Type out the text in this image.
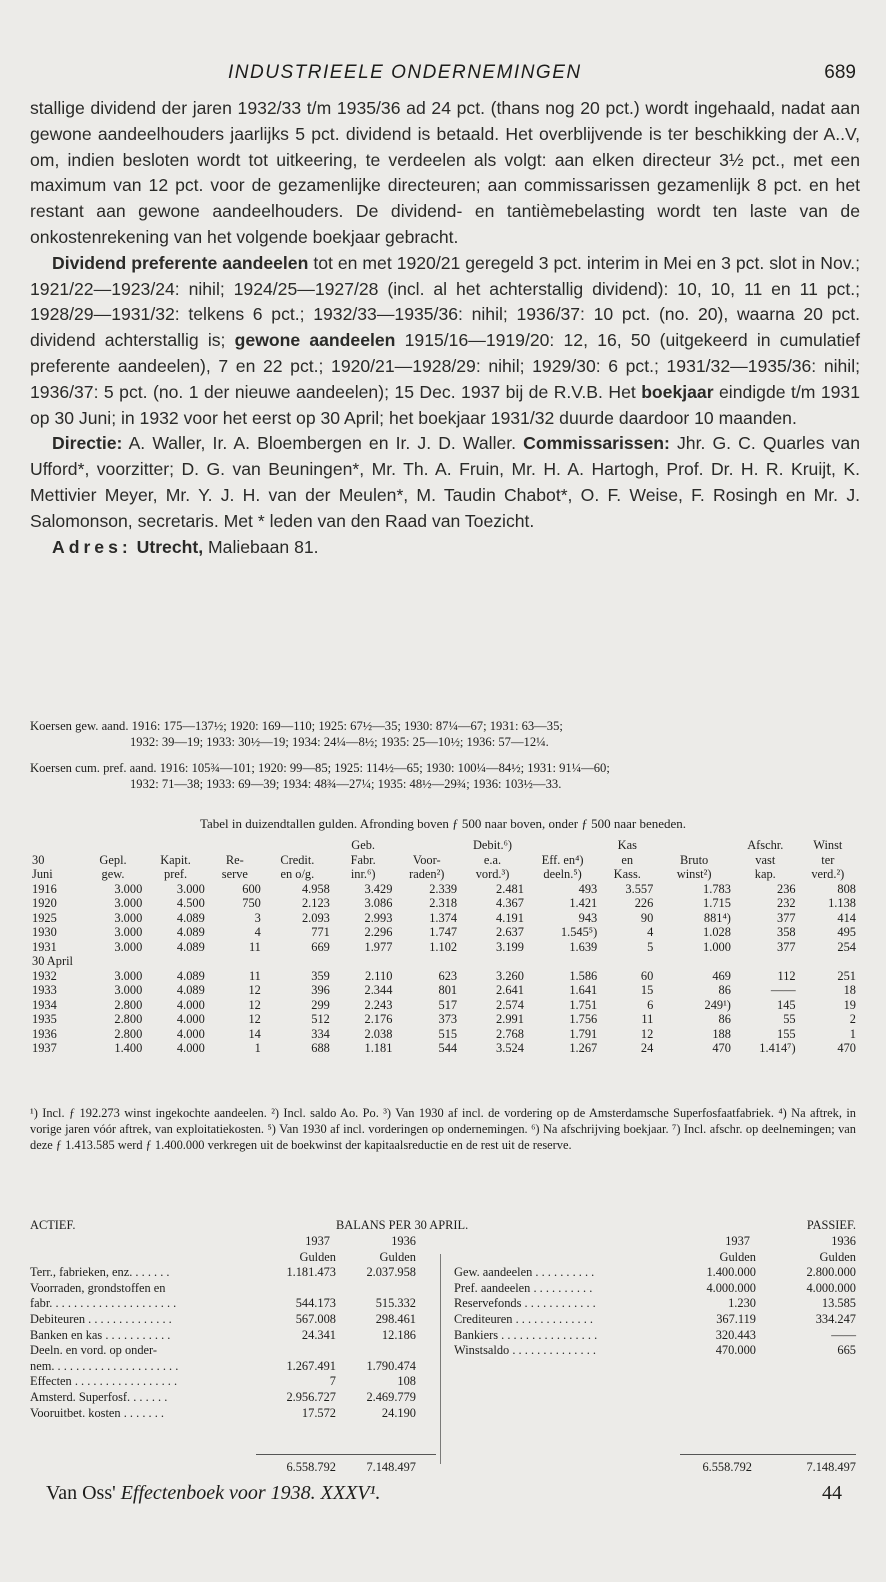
INDUSTRIEELE ONDERNEMINGEN	689

stallige dividend der jaren 1932/33 t/m 1935/36 ad 24 pct. (thans nog 20 pct.) wordt ingehaald, nadat aan gewone aandeelhouders jaarlijks 5 pct. dividend is betaald. Het overblijvende is ter beschikking der A..V, om, indien besloten wordt tot uitkeering, te verdeelen als volgt: aan elken directeur 3½ pct., met een maximum van 12 pct. voor de gezamenlijke directeuren; aan commissarissen gezamenlijk 8 pct. en het restant aan gewone aandeelhouders. De dividend- en tantièmebelasting wordt ten laste van de onkostenrekening van het volgende boekjaar gebracht.

Dividend preferente aandeelen tot en met 1920/21 geregeld 3 pct. interim in Mei en 3 pct. slot in Nov.; 1921/22—1923/24: nihil; 1924/25—1927/28 (incl. al het achterstallig dividend): 10, 10, 11 en 11 pct.; 1928/29—1931/32: telkens 6 pct.; 1932/33—1935/36: nihil; 1936/37: 10 pct. (no. 20), waarna 20 pct. dividend achterstallig is; gewone aandeelen 1915/16—1919/20: 12, 16, 50 (uitgekeerd in cumulatief preferente aandeelen), 7 en 22 pct.; 1920/21—1928/29: nihil; 1929/30: 6 pct.; 1931/32—1935/36: nihil; 1936/37: 5 pct. (no. 1 der nieuwe aandeelen); 15 Dec. 1937 bij de R.V.B. Het boekjaar eindigde t/m 1931 op 30 Juni; in 1932 voor het eerst op 30 April; het boekjaar 1931/32 duurde daardoor 10 maanden.

Directie: A. Waller, Ir. A. Bloembergen en Ir. J. D. Waller. Commissarissen: Jhr. G. C. Quarles van Ufford*, voorzitter; D. G. van Beuningen*, Mr. Th. A. Fruin, Mr. H. A. Hartogh, Prof. Dr. H. R. Kruijt, K. Mettivier Meyer, Mr. Y. J. H. van der Meulen*, M. Taudin Chabot*, O. F. Weise, F. Rosingh en Mr. J. Salomonson, secretaris. Met * leden van den Raad van Toezicht.

Adres: Utrecht, Maliebaan 81.

Koersen gew. aand. 1916: 175—137½; 1920: 169—110; 1925: 67½—35; 1930: 87¼—67; 1931: 63—35;
1932: 39—19; 1933: 30½—19; 1934: 24¼—8½; 1935: 25—10½; 1936: 57—12¼.

Koersen cum. pref. aand. 1916: 105¾—101; 1920: 99—85; 1925: 114½—65; 1930: 100¼—84½; 1931: 91¼—60;
1932: 71—38; 1933: 69—39; 1934: 48¾—27¼; 1935: 48½—29¾; 1936: 103½—33.

Tabel in duizendtallen gulden. Afronding boven ƒ 500 naar boven, onder ƒ 500 naar beneden.
					Geb.		Debit.⁶)		Kas		Afschr.	Winst
30	Gepl.	Kapit.	Re-	Credit.	Fabr.	Voor-	e.a.	Eff. en⁴)	en	Bruto	vast	ter
Juni	gew.	pref.	serve	en o/g.	inr.⁶)	raden²)	vord.³)	deeln.⁵)	Kass.	winst²)	kap.	verd.²)
1916	3.000	3.000	600	4.958	3.429	2.339	2.481	493	3.557	1.783	236	808
1920	3.000	4.500	750	2.123	3.086	2.318	4.367	1.421	226	1.715	232	1.138
1925	3.000	4.089	3	2.093	2.993	1.374	4.191	943	90	881⁴)	377	414
1930	3.000	4.089	4	771	2.296	1.747	2.637	1.545⁵)	4	1.028	358	495
1931	3.000	4.089	11	669	1.977	1.102	3.199	1.639	5	1.000	377	254
30 April												
1932	3.000	4.089	11	359	2.110	623	3.260	1.586	60	469	112	251
1933	3.000	4.089	12	396	2.344	801	2.641	1.641	15	86	——	18
1934	2.800	4.000	12	299	2.243	517	2.574	1.751	6	249¹)	145	19
1935	2.800	4.000	12	512	2.176	373	2.991	1.756	11	86	55	2
1936	2.800	4.000	14	334	2.038	515	2.768	1.791	12	188	155	1
1937	1.400	4.000	1	688	1.181	544	3.524	1.267	24	470	1.414⁷)	470
¹) Incl. ƒ 192.273 winst ingekochte aandeelen. ²) Incl. saldo Ao. Po. ³) Van 1930 af incl. de vordering op de Amsterdamsche Superfosfaatfabriek. ⁴) Na aftrek, in vorige jaren vóór aftrek, van exploitatiekosten. ⁵) Van 1930 af incl. vorderingen op ondernemingen. ⁶) Na afschrijving boekjaar. ⁷) Incl. afschr. op deelnemingen; van deze ƒ 1.413.585 werd ƒ 1.400.000 verkregen uit de boekwinst der kapitaalsreductie en de rest uit de reserve.
ACTIEF.	BALANS PER 30 APRIL.	PASSIEF.
1937	1936
Gulden	Gulden
Terr., fabrieken, enz. . . . . . .	1.181.473 2.037.958
Voorraden, grondstoffen en
fabr. . . . . . . . . . . . . . . . . . . . .	544.173	515.332
Debiteuren . . . . . . . . . . . . . .	567.008	298.461
Banken en kas . . . . . . . . . . .	24.341	12.186
Deeln. en vord. op onder-
nem. . . . . . . . . . . . . . . . . . . . .	1.267.491 1.790.474
Effecten . . . . . . . . . . . . . . . . .	7	108
Amsterd. Superfosf. . . . . . .	2.956.727 2.469.779
Vooruitbet. kosten . . . . . . .	17.572	24.190
1937	1936
Gulden	Gulden
Gew. aandeelen . . . . . . . . . .	1.400.000	2.800.000
Pref. aandeelen . . . . . . . . . .	4.000.000	4.000.000
Reservefonds . . . . . . . . . . . .	1.230	13.585
Crediteuren . . . . . . . . . . . . .	367.119	334.247
Bankiers . . . . . . . . . . . . . . . .	320.443	——
Winstsaldo . . . . . . . . . . . . . .	470.000	665
6.558.792	7.148.497	6.558.792	7.148.497
Van Oss' Effectenboek voor 1938. XXXV¹.	44
